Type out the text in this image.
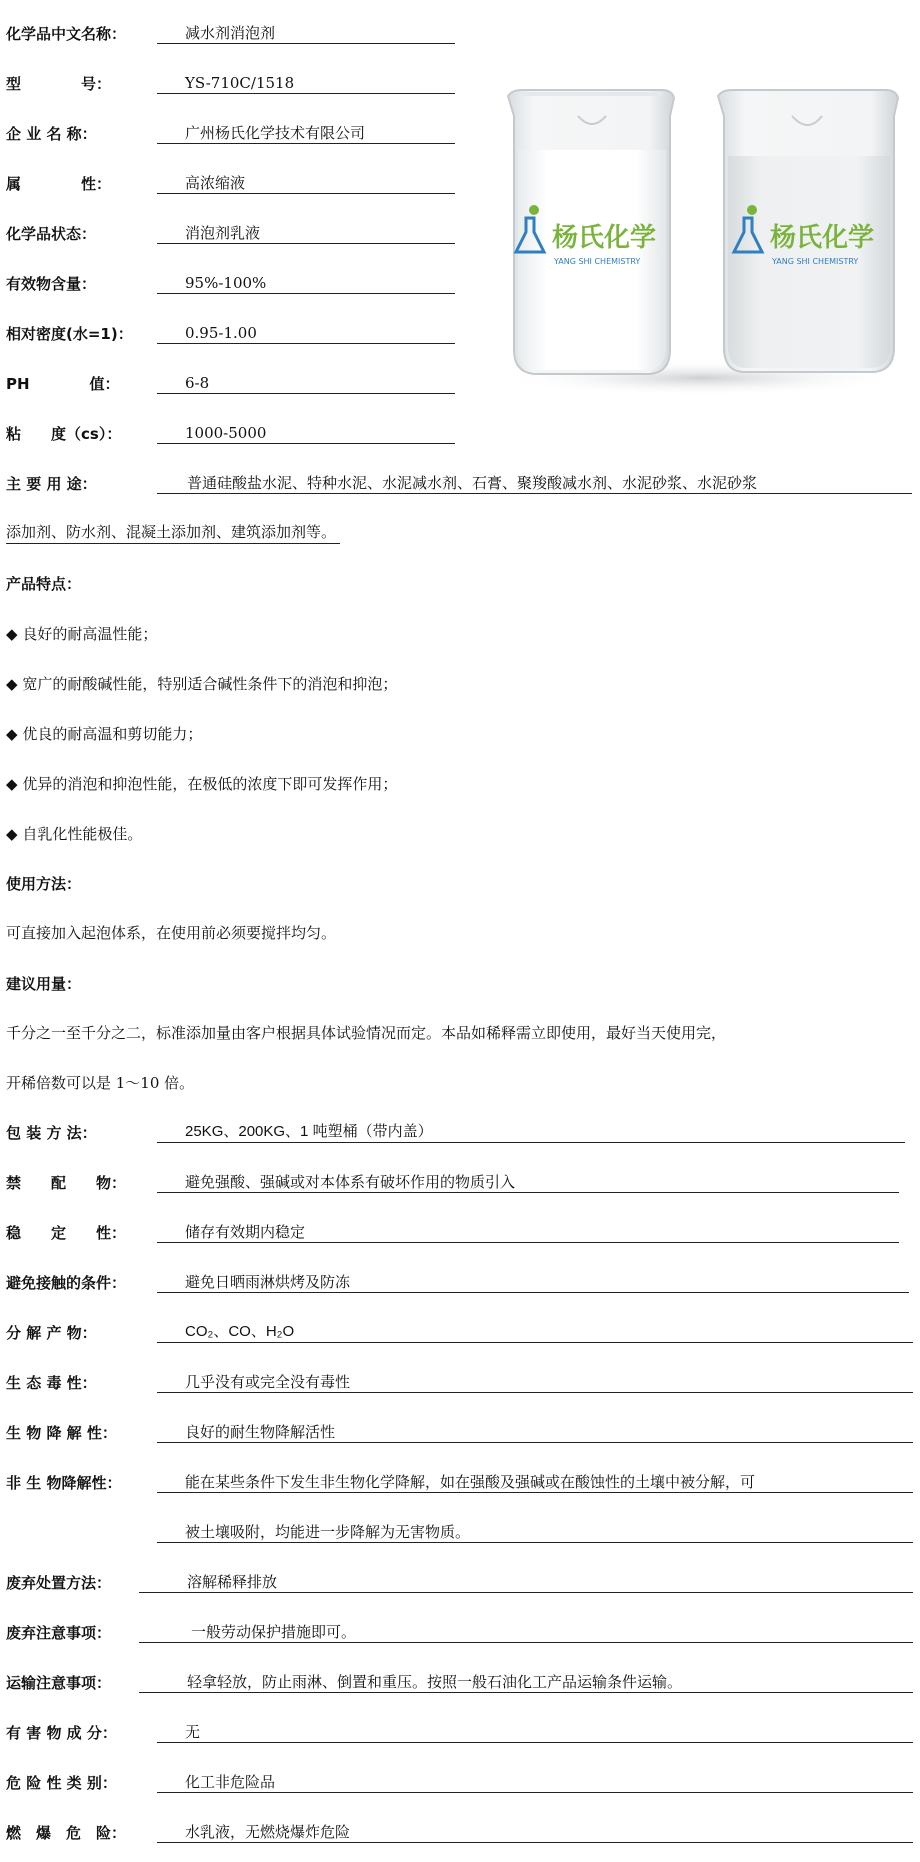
化学品中文名称：	减水剂消泡剂
型　　　　号：	YS-710C/1518
企 业 名 称：	广州杨氏化学技术有限公司
属　　　　性：	高浓缩液
化学品状态：	消泡剂乳液
有效物含量：	95%-100%
相对密度(水=1)：	0.95-1.00
PH　　　　值：	6-8
粘　　度（cs）：	1000-5000
杨氏化学
YANG SHI CHEMISTRY
杨氏化学
YANG SHI CHEMISTRY
主 要 用 途：	普通硅酸盐水泥、特种水泥、水泥减水剂、石膏、聚羧酸减水剂、水泥砂浆、水泥砂浆
添加剂、防水剂、混凝土添加剂、建筑添加剂等。
产品特点：
◆ 良好的耐高温性能；
◆ 宽广的耐酸碱性能，特别适合碱性条件下的消泡和抑泡；
◆ 优良的耐高温和剪切能力；
◆ 优异的消泡和抑泡性能，在极低的浓度下即可发挥作用；
◆ 自乳化性能极佳。
使用方法：
可直接加入起泡体系，在使用前必须要搅拌均匀。
建议用量：
千分之一至千分之二，标准添加量由客户根据具体试验情况而定。本品如稀释需立即使用，最好当天使用完，
开稀倍数可以是 1～10 倍。
包 装 方 法：	25KG、200KG、1 吨塑桶（带内盖）
禁　　配　　物：	避免强酸、强碱或对本体系有破坏作用的物质引入
稳　　定　　性：	储存有效期内稳定
避免接触的条件：	避免日晒雨淋烘烤及防冻
分 解 产 物：	CO₂、CO、H₂O
生 态 毒 性：	几乎没有或完全没有毒性
生 物 降 解 性：	良好的耐生物降解活性
非 生 物降解性：	能在某些条件下发生非生物化学降解，如在强酸及强碱或在酸蚀性的土壤中被分解，可
被土壤吸附，均能进一步降解为无害物质。
废弃处置方法：	溶解稀释排放
废弃注意事项：	一般劳动保护措施即可。
运输注意事项：	轻拿轻放，防止雨淋、倒置和重压。按照一般石油化工产品运输条件运输。
有 害 物 成 分：	无
危 险 性 类 别：	化工非危险品
燃　爆　危　险：	水乳液，无燃烧爆炸危险
